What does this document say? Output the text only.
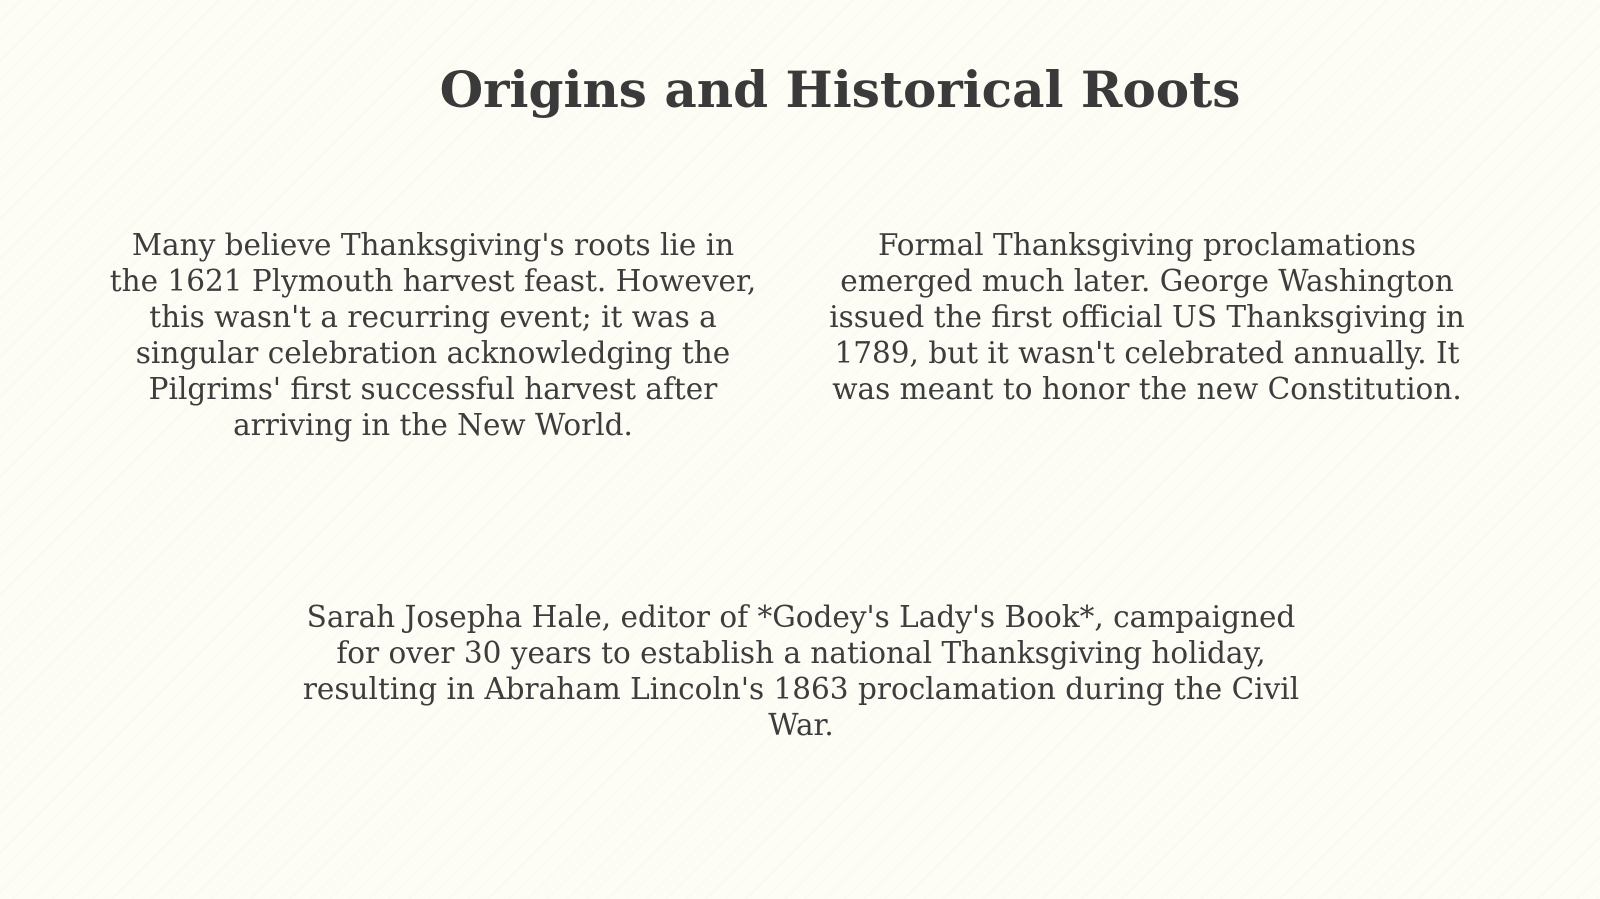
Origins and Historical Roots

Many believe Thanksgiving's roots lie in the 1621 Plymouth harvest feast. However, this wasn't a recurring event; it was a singular celebration acknowledging the Pilgrims' first successful harvest after arriving in the New World.

Formal Thanksgiving proclamations emerged much later. George Washington issued the first official US Thanksgiving in 1789, but it wasn't celebrated annually. It was meant to honor the new Constitution.

Sarah Josepha Hale, editor of *Godey's Lady's Book*, campaigned for over 30 years to establish a national Thanksgiving holiday, resulting in Abraham Lincoln's 1863 proclamation during the Civil War.
